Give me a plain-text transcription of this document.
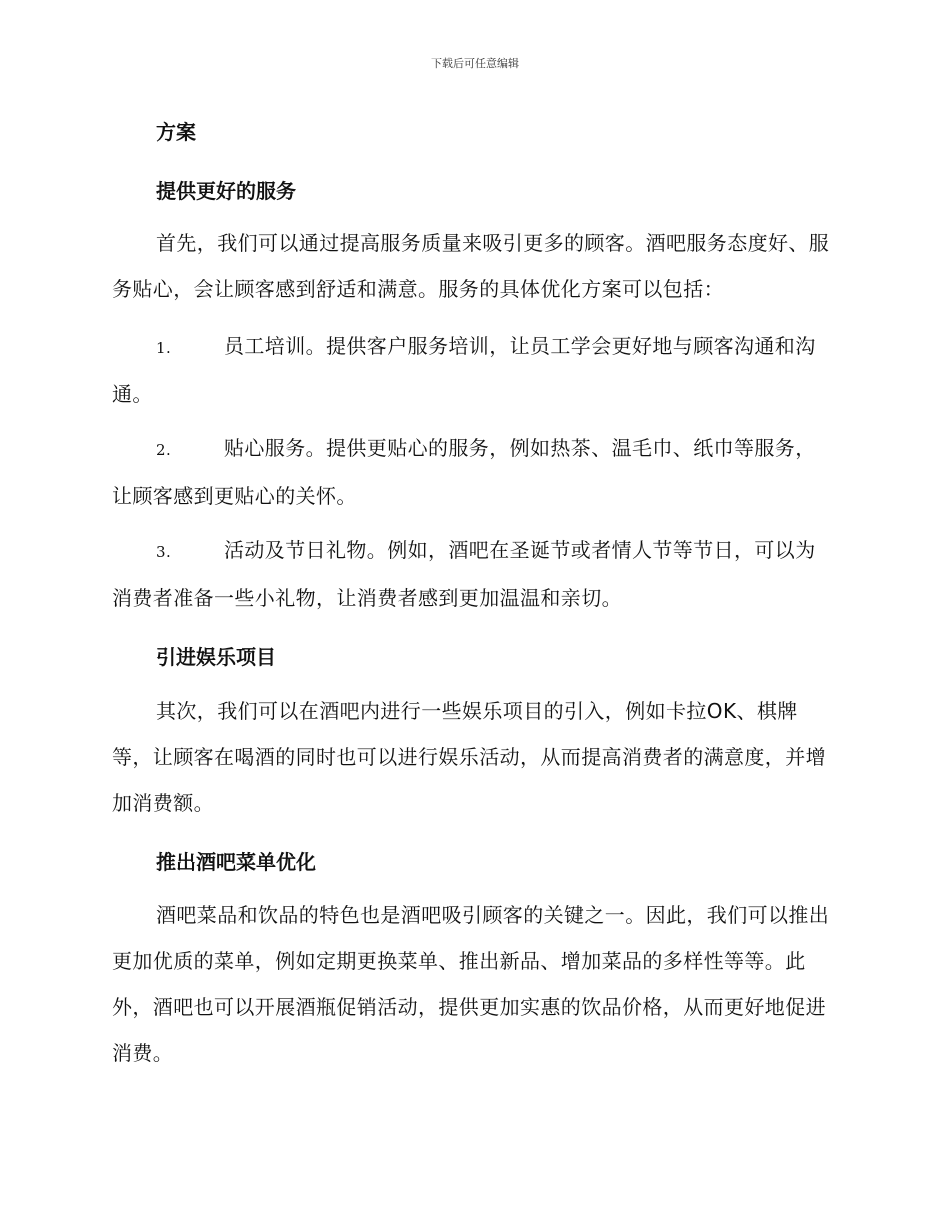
下载后可任意编辑
方案
提供更好的服务
首先，我们可以通过提高服务质量来吸引更多的顾客。酒吧服务态度好、服务贴心，会让顾客感到舒适和满意。服务的具体优化方案可以包括：
1.	员工培训。提供客户服务培训，让员工学会更好地与顾客沟通和沟通。
2.	贴心服务。提供更贴心的服务，例如热茶、温毛巾、纸巾等服务，让顾客感到更贴心的关怀。
3.	活动及节日礼物。例如，酒吧在圣诞节或者情人节等节日，可以为消费者准备一些小礼物，让消费者感到更加温温和亲切。
引进娱乐项目
其次，我们可以在酒吧内进行一些娱乐项目的引入，例如卡拉OK、棋牌等，让顾客在喝酒的同时也可以进行娱乐活动，从而提高消费者的满意度，并增加消费额。
推出酒吧菜单优化
酒吧菜品和饮品的特色也是酒吧吸引顾客的关键之一。因此，我们可以推出更加优质的菜单，例如定期更换菜单、推出新品、增加菜品的多样性等等。此外，酒吧也可以开展酒瓶促销活动，提供更加实惠的饮品价格，从而更好地促进消费。
